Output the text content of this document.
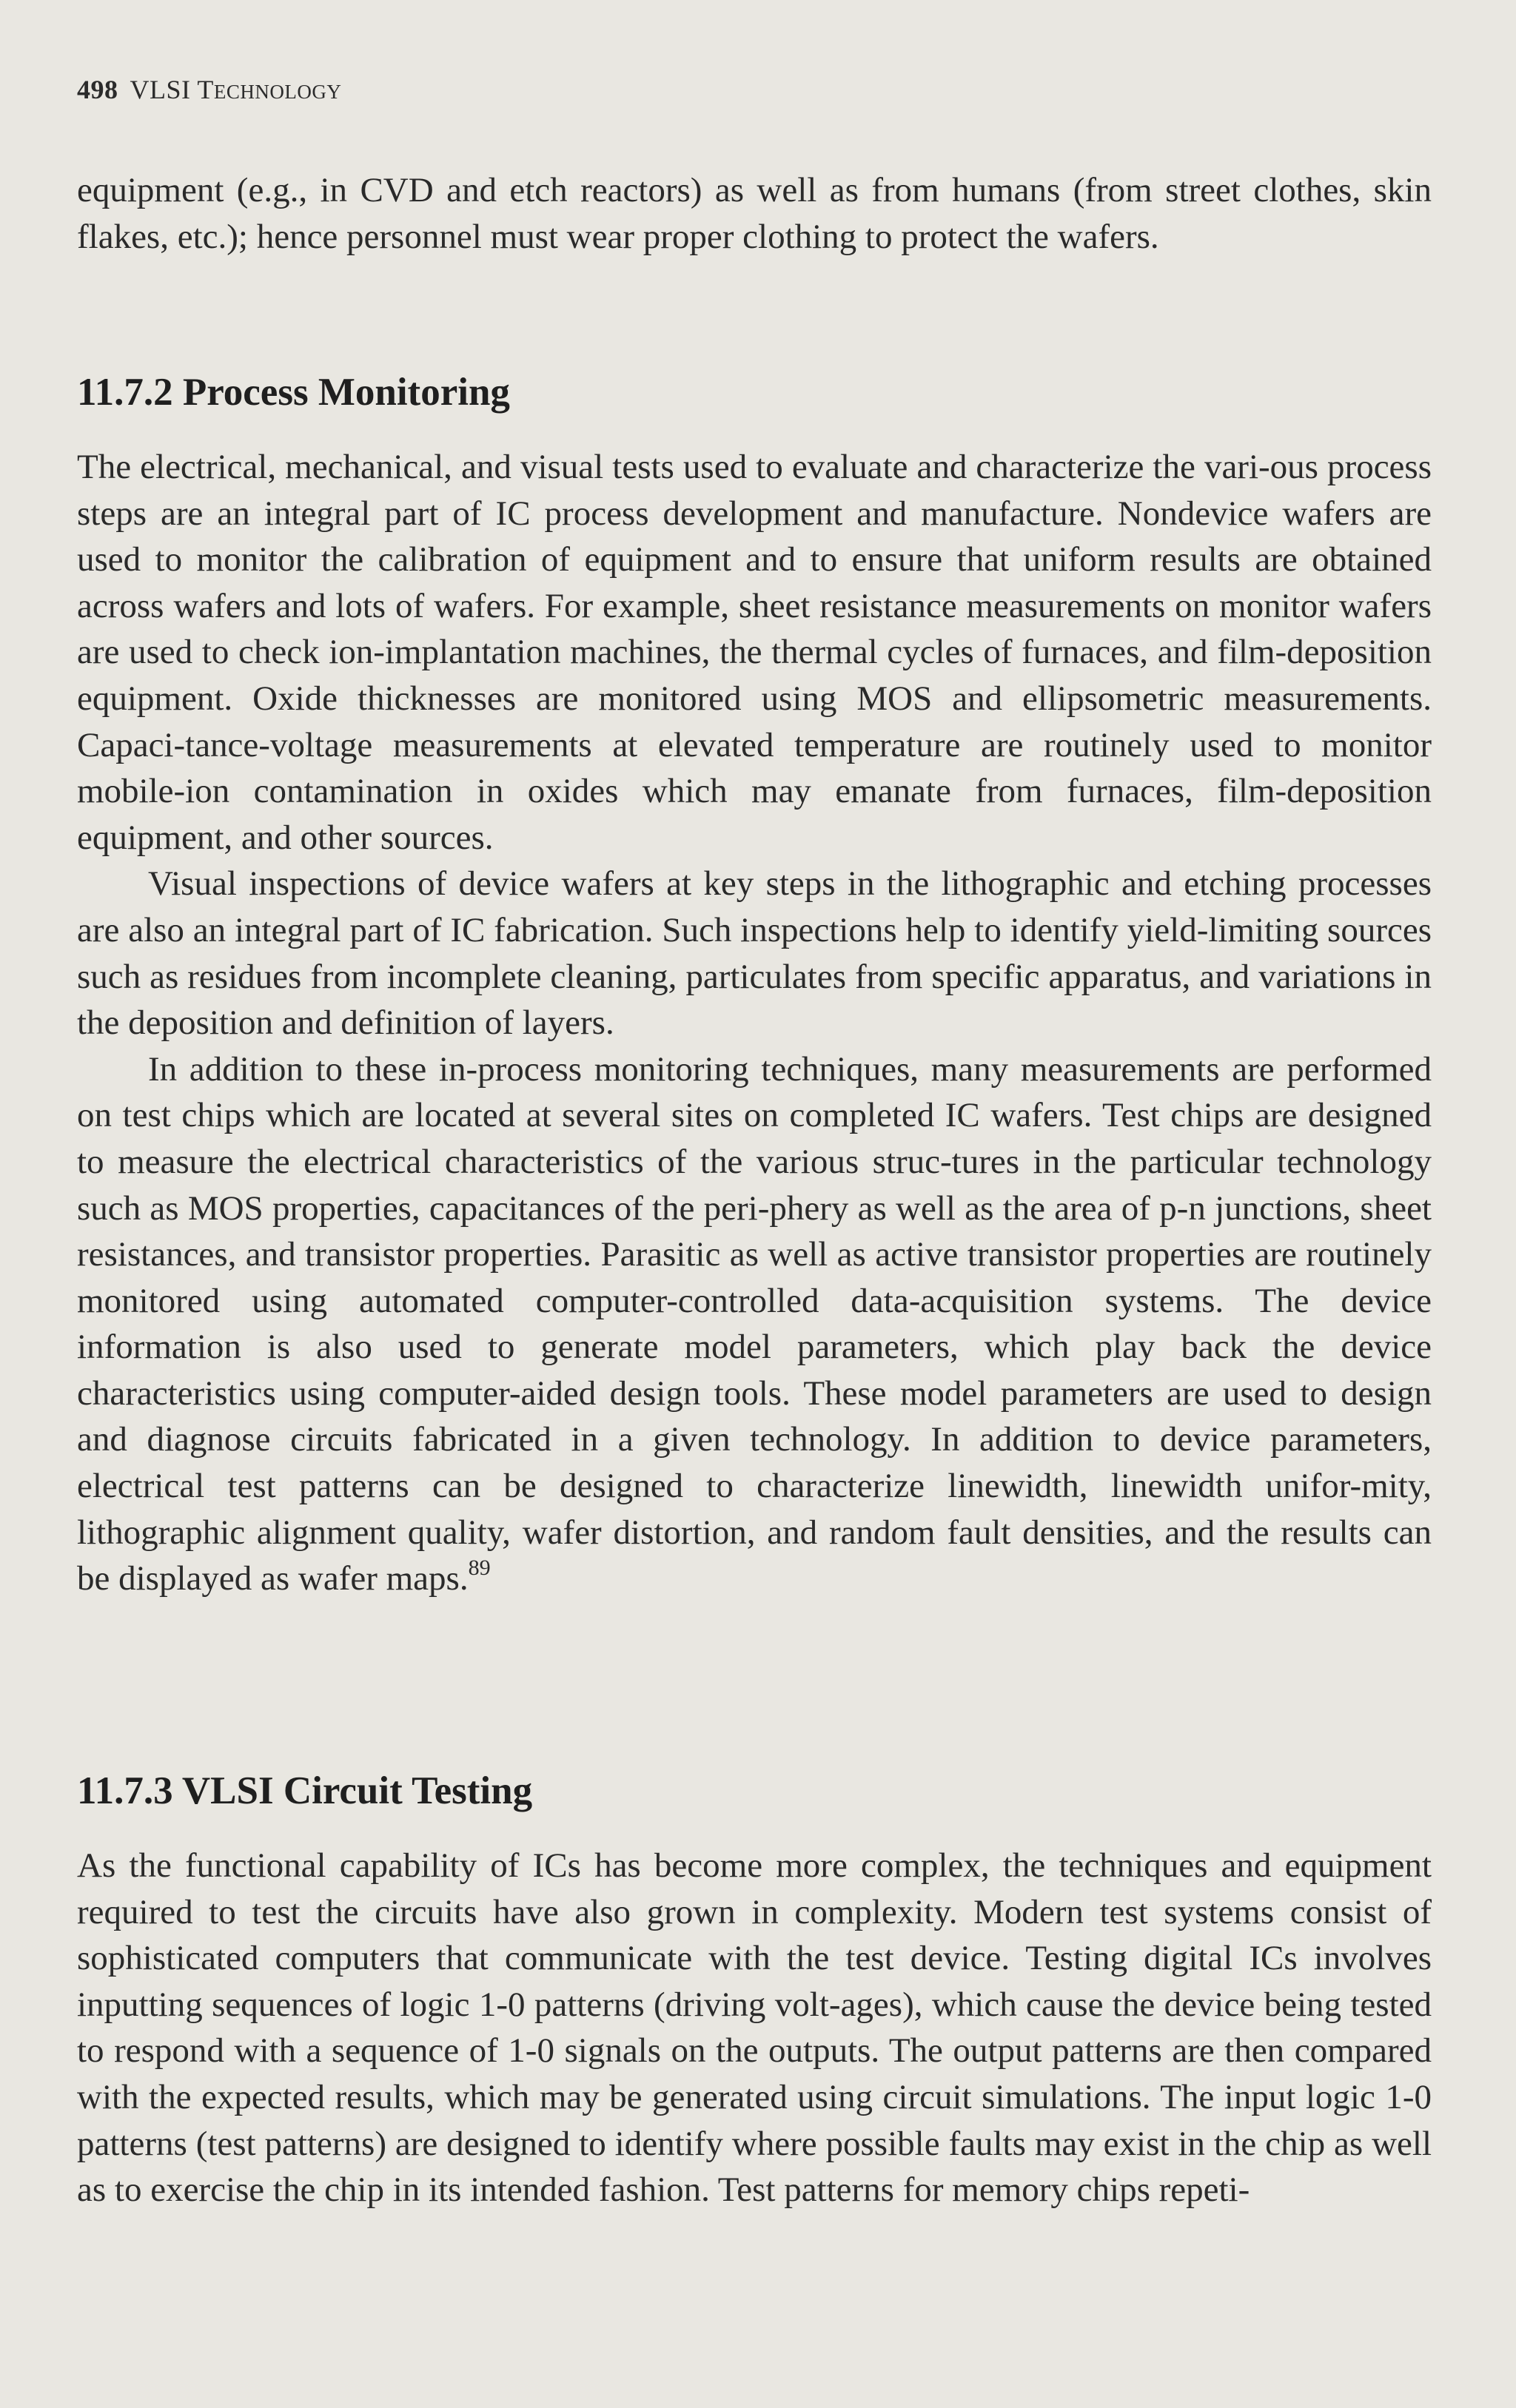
498 VLSI TECHNOLOGY

equipment (e.g., in CVD and etch reactors) as well as from humans (from street clothes, skin flakes, etc.); hence personnel must wear proper clothing to protect the wafers.

11.7.2 Process Monitoring

The electrical, mechanical, and visual tests used to evaluate and characterize the vari-ous process steps are an integral part of IC process development and manufacture. Nondevice wafers are used to monitor the calibration of equipment and to ensure that uniform results are obtained across wafers and lots of wafers. For example, sheet resistance measurements on monitor wafers are used to check ion-implantation machines, the thermal cycles of furnaces, and film-deposition equipment. Oxide thicknesses are monitored using MOS and ellipsometric measurements. Capaci-tance-voltage measurements at elevated temperature are routinely used to monitor mobile-ion contamination in oxides which may emanate from furnaces, film-deposition equipment, and other sources.

Visual inspections of device wafers at key steps in the lithographic and etching processes are also an integral part of IC fabrication. Such inspections help to identify yield-limiting sources such as residues from incomplete cleaning, particulates from specific apparatus, and variations in the deposition and definition of layers.

In addition to these in-process monitoring techniques, many measurements are performed on test chips which are located at several sites on completed IC wafers. Test chips are designed to measure the electrical characteristics of the various struc-tures in the particular technology such as MOS properties, capacitances of the peri-phery as well as the area of p-n junctions, sheet resistances, and transistor properties. Parasitic as well as active transistor properties are routinely monitored using automated computer-controlled data-acquisition systems. The device information is also used to generate model parameters, which play back the device characteristics using computer-aided design tools. These model parameters are used to design and diagnose circuits fabricated in a given technology. In addition to device parameters, electrical test patterns can be designed to characterize linewidth, linewidth unifor-mity, lithographic alignment quality, wafer distortion, and random fault densities, and the results can be displayed as wafer maps.$^{89}$

11.7.3 VLSI Circuit Testing

As the functional capability of ICs has become more complex, the techniques and equipment required to test the circuits have also grown in complexity. Modern test systems consist of sophisticated computers that communicate with the test device. Testing digital ICs involves inputting sequences of logic 1-0 patterns (driving volt-ages), which cause the device being tested to respond with a sequence of 1-0 signals on the outputs. The output patterns are then compared with the expected results, which may be generated using circuit simulations. The input logic 1-0 patterns (test patterns) are designed to identify where possible faults may exist in the chip as well as to exercise the chip in its intended fashion. Test patterns for memory chips repeti-
